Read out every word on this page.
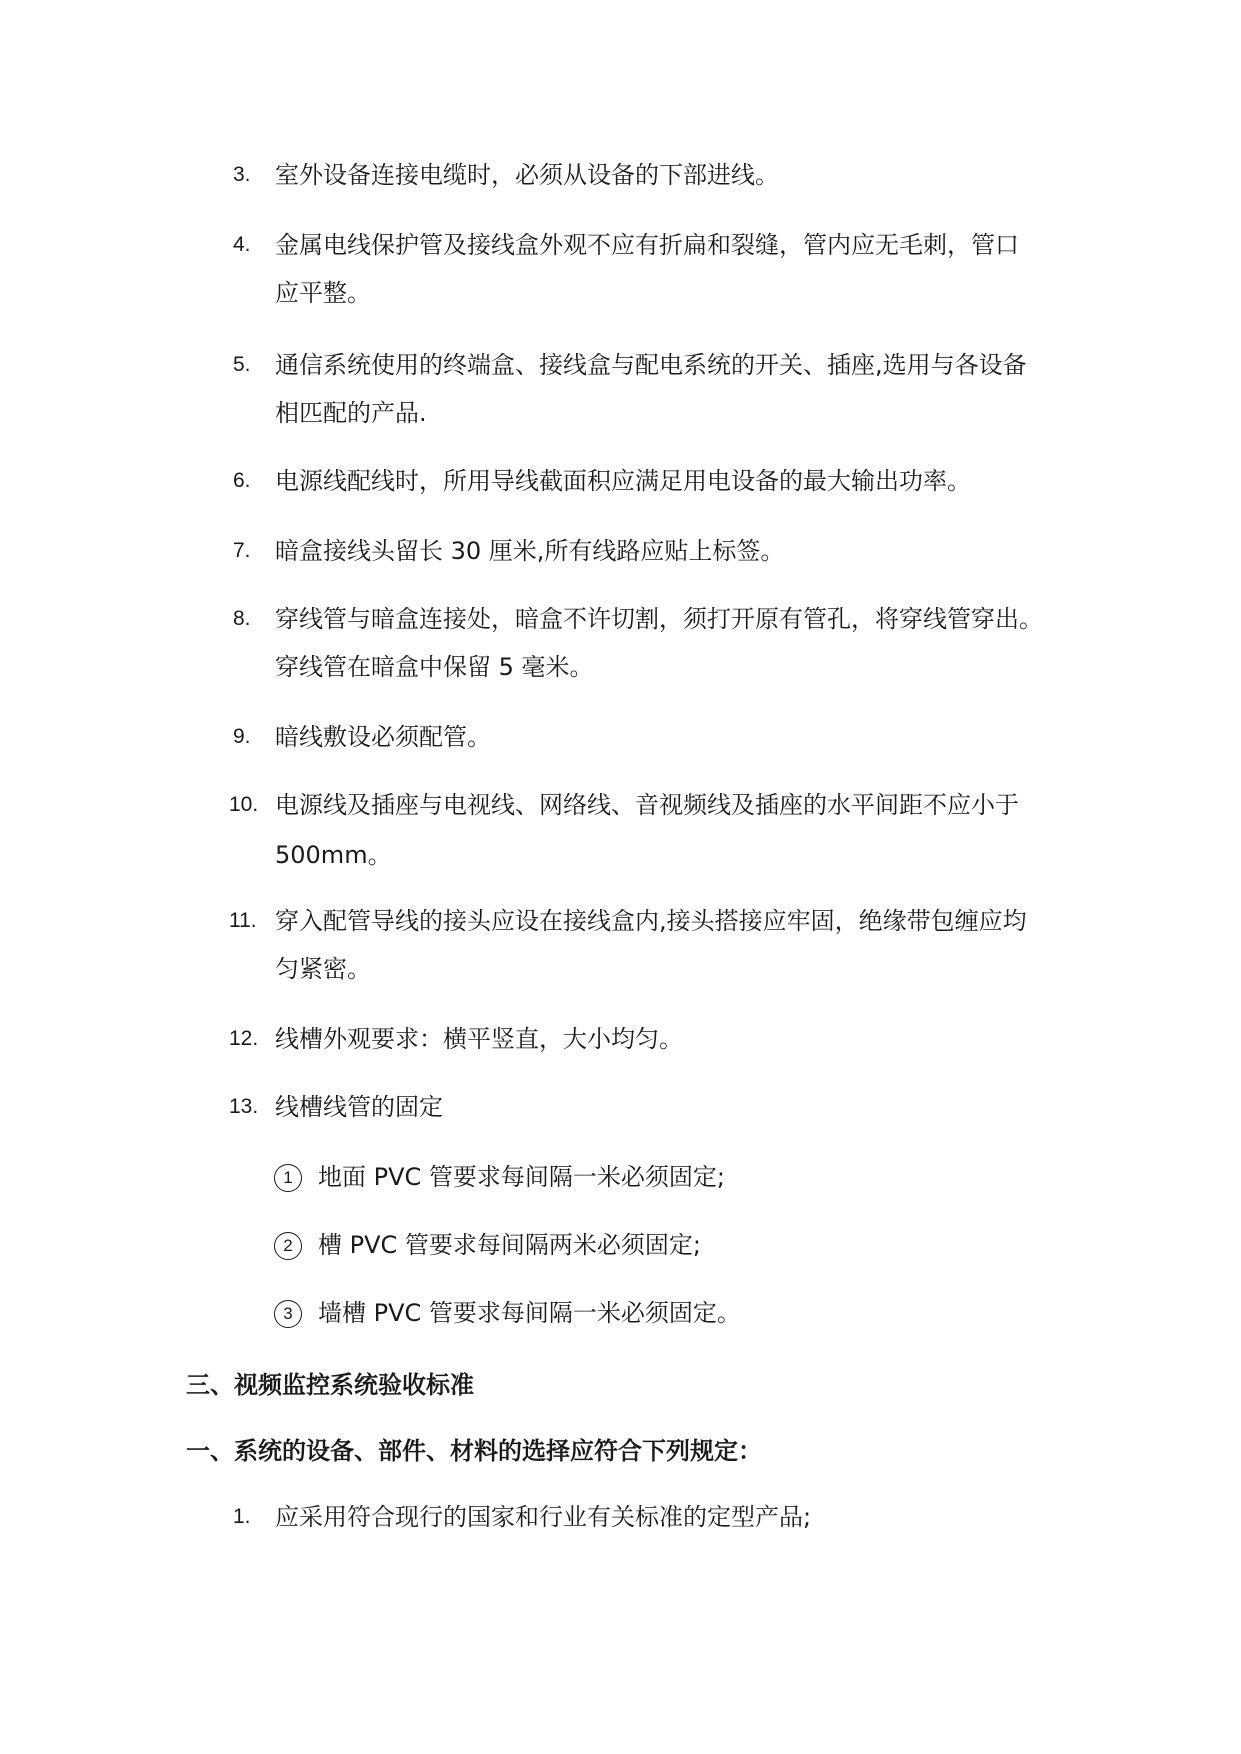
3. 室外设备连接电缆时，必须从设备的下部进线。
4. 金属电线保护管及接线盒外观不应有折扁和裂缝，管内应无毛刺，管口
应平整。
5. 通信系统使用的终端盒、接线盒与配电系统的开关、插座,选用与各设备
相匹配的产品.
6. 电源线配线时，所用导线截面积应满足用电设备的最大输出功率。
7. 暗盒接线头留长 30 厘米,所有线路应贴上标签。
8. 穿线管与暗盒连接处，暗盒不许切割，须打开原有管孔，将穿线管穿出。
穿线管在暗盒中保留 5 毫米。
9. 暗线敷设必须配管。
10. 电源线及插座与电视线、网络线、音视频线及插座的水平间距不应小于
500mm。
11. 穿入配管导线的接头应设在接线盒内,接头搭接应牢固，绝缘带包缠应均
匀紧密。
12. 线槽外观要求：横平竖直，大小均匀。
13. 线槽线管的固定
1	地面 PVC 管要求每间隔一米必须固定;
2	槽 PVC 管要求每间隔两米必须固定;
3	墙槽 PVC 管要求每间隔一米必须固定。
三、视频监控系统验收标准
一、系统的设备、部件、材料的选择应符合下列规定：
1. 应采用符合现行的国家和行业有关标准的定型产品;
